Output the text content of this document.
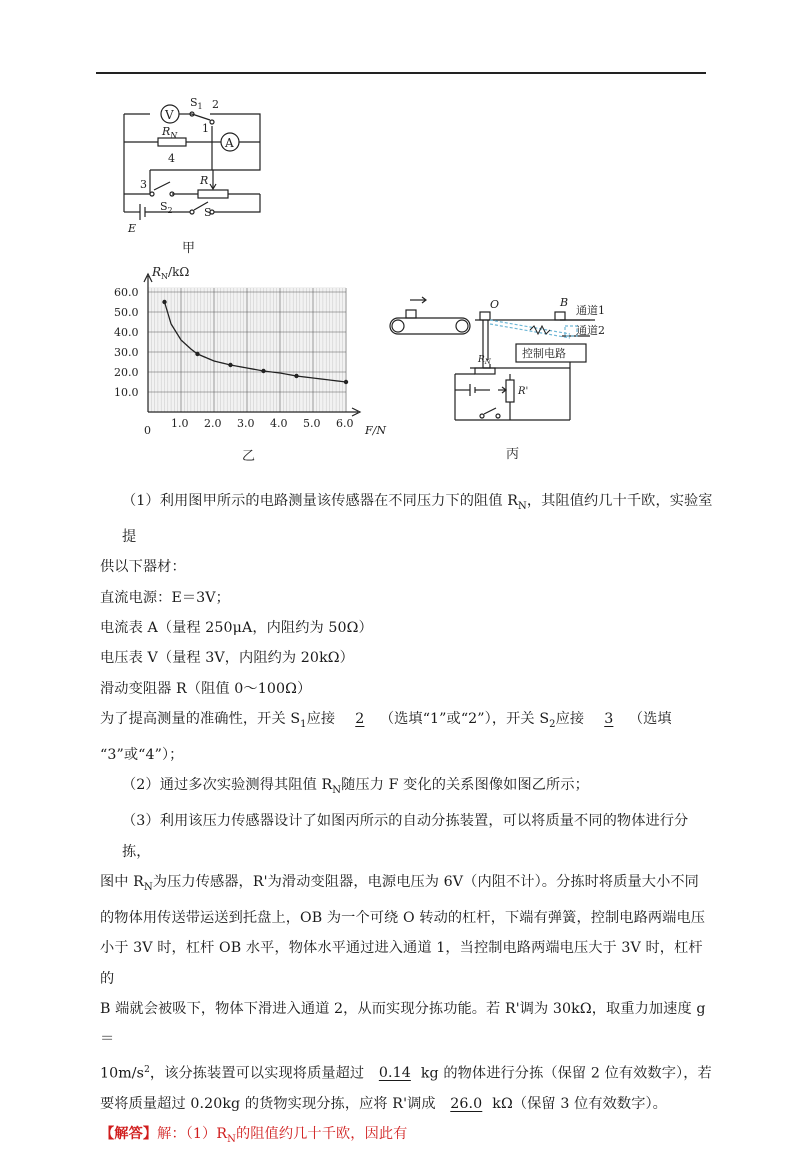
V
A
$S_1$ 2
1
$R_N$
4
3	R
$S_2$	S
E
甲
$R_N/k\Omega$
F/N
0
1.0 2.0 3.0 4.0 5.0 6.0
10.0
20.0
30.0
40.0
50.0
60.0
乙
O	B
通道1
通道2
控制电路
$R_N$
R'
丙

（1）利用图甲所示的电路测量该传感器在不同压力下的阻值 $R_N$，其阻值约几十千欧，实验室提

供以下器材：

直流电源：E＝3V；

电流表 A（量程 250μA，内阻约为 50Ω）

电压表 V（量程 3V，内阻约为 20kΩ）

滑动变阻器 R（阻值 0～100Ω）

为了提高测量的准确性，开关 $S_1$应接 2 （选填“1”或“2”），开关 $S_2$应接 3 （选填

“3”或“4”）；

（2）通过多次实验测得其阻值 $R_N$随压力 F 变化的关系图像如图乙所示；

（3）利用该压力传感器设计了如图丙所示的自动分拣装置，可以将质量不同的物体进行分拣，

图中 $R_N$为压力传感器，R'为滑动变阻器，电源电压为 6V（内阻不计）。分拣时将质量大小不同

的物体用传送带运送到托盘上，OB 为一个可绕 O 转动的杠杆，下端有弹簧，控制电路两端电压

小于 3V 时，杠杆 OB 水平，物体水平通过进入通道 1，当控制电路两端电压大于 3V 时，杠杆的

B 端就会被吸下，物体下滑进入通道 2，从而实现分拣功能。若 R'调为 30kΩ，取重力加速度 g＝

$10m/s^2$，该分拣装置可以实现将质量超过 0.14 kg 的物体进行分拣（保留 2 位有效数字），若

要将质量超过 0.20kg 的货物实现分拣，应将 R'调成 26.0 kΩ（保留 3 位有效数字）。

【解答】解：$(1)R_N$的阻值约几十千欧，因此有
